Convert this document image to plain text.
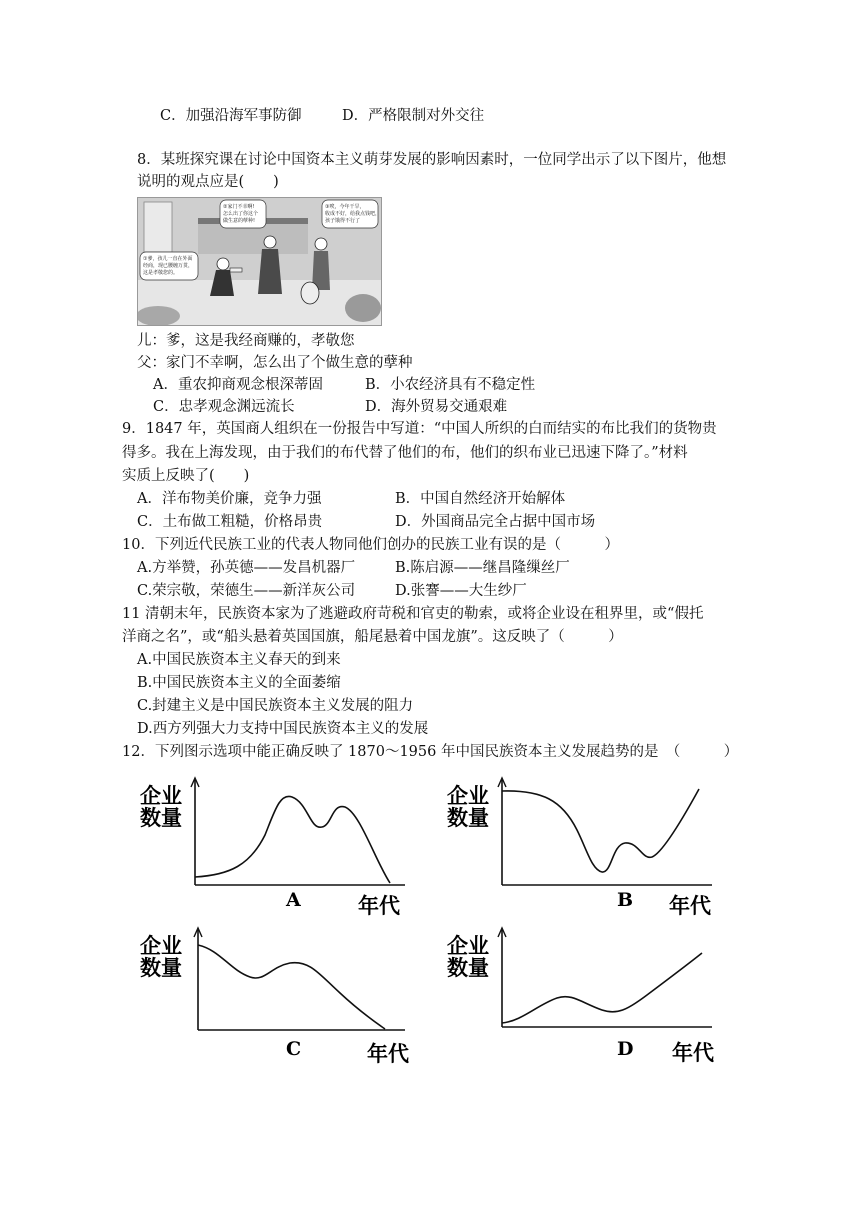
C．加强沿海军事防御	D．严格限制对外交往
8．某班探究课在讨论中国资本主义萌芽发展的影响因素时，一位同学出示了以下图片，他想
说明的观点应是(　　)
①爹，孩儿一直在外面
经商，现已腰缠万贯，
这是孝敬您的。
②家门不幸啊!
怎么出了你这个
做生意的孽种!
③唉，今年干旱，
收成不好，给我点钱吧，
孩子饿得不行了
儿：爹，这是我经商赚的，孝敬您
父：家门不幸啊，怎么出了个做生意的孽种
A．重农抑商观念根深蒂固	B．小农经济具有不稳定性
C．忠孝观念渊远流长	D．海外贸易交通艰难
9．1847 年，英国商人组织在一份报告中写道：“中国人所织的白而结实的布比我们的货物贵
得多。我在上海发现，由于我们的布代替了他们的布，他们的织布业已迅速下降了。”材料
实质上反映了(　　)
A．洋布物美价廉，竞争力强	B．中国自然经济开始解体
C．土布做工粗糙，价格昂贵	D．外国商品完全占据中国市场
10．下列近代民族工业的代表人物同他们创办的民族工业有误的是（　　　）
A.方举赞，孙英德——发昌机器厂	B.陈启源——继昌隆缫丝厂
C.荣宗敬，荣德生——新洋灰公司	D.张謇——大生纱厂
11 清朝末年，民族资本家为了逃避政府苛税和官吏的勒索，或将企业设在租界里，或“假托
洋商之名”，或“船头悬着英国国旗，船尾悬着中国龙旗”。这反映了（　　　）
A.中国民族资本主义春天的到来
B.中国民族资本主义的全面萎缩
C.封建主义是中国民族资本主义发展的阻力
D.西方列强大力支持中国民族资本主义的发展
12．下列图示选项中能正确反映了 1870～1956 年中国民族资本主义发展趋势的是　（　　　）
企业
数量
A	年代
企业
数量
B 年代
企业
数量
C	年代
企业
数量
D 年代
